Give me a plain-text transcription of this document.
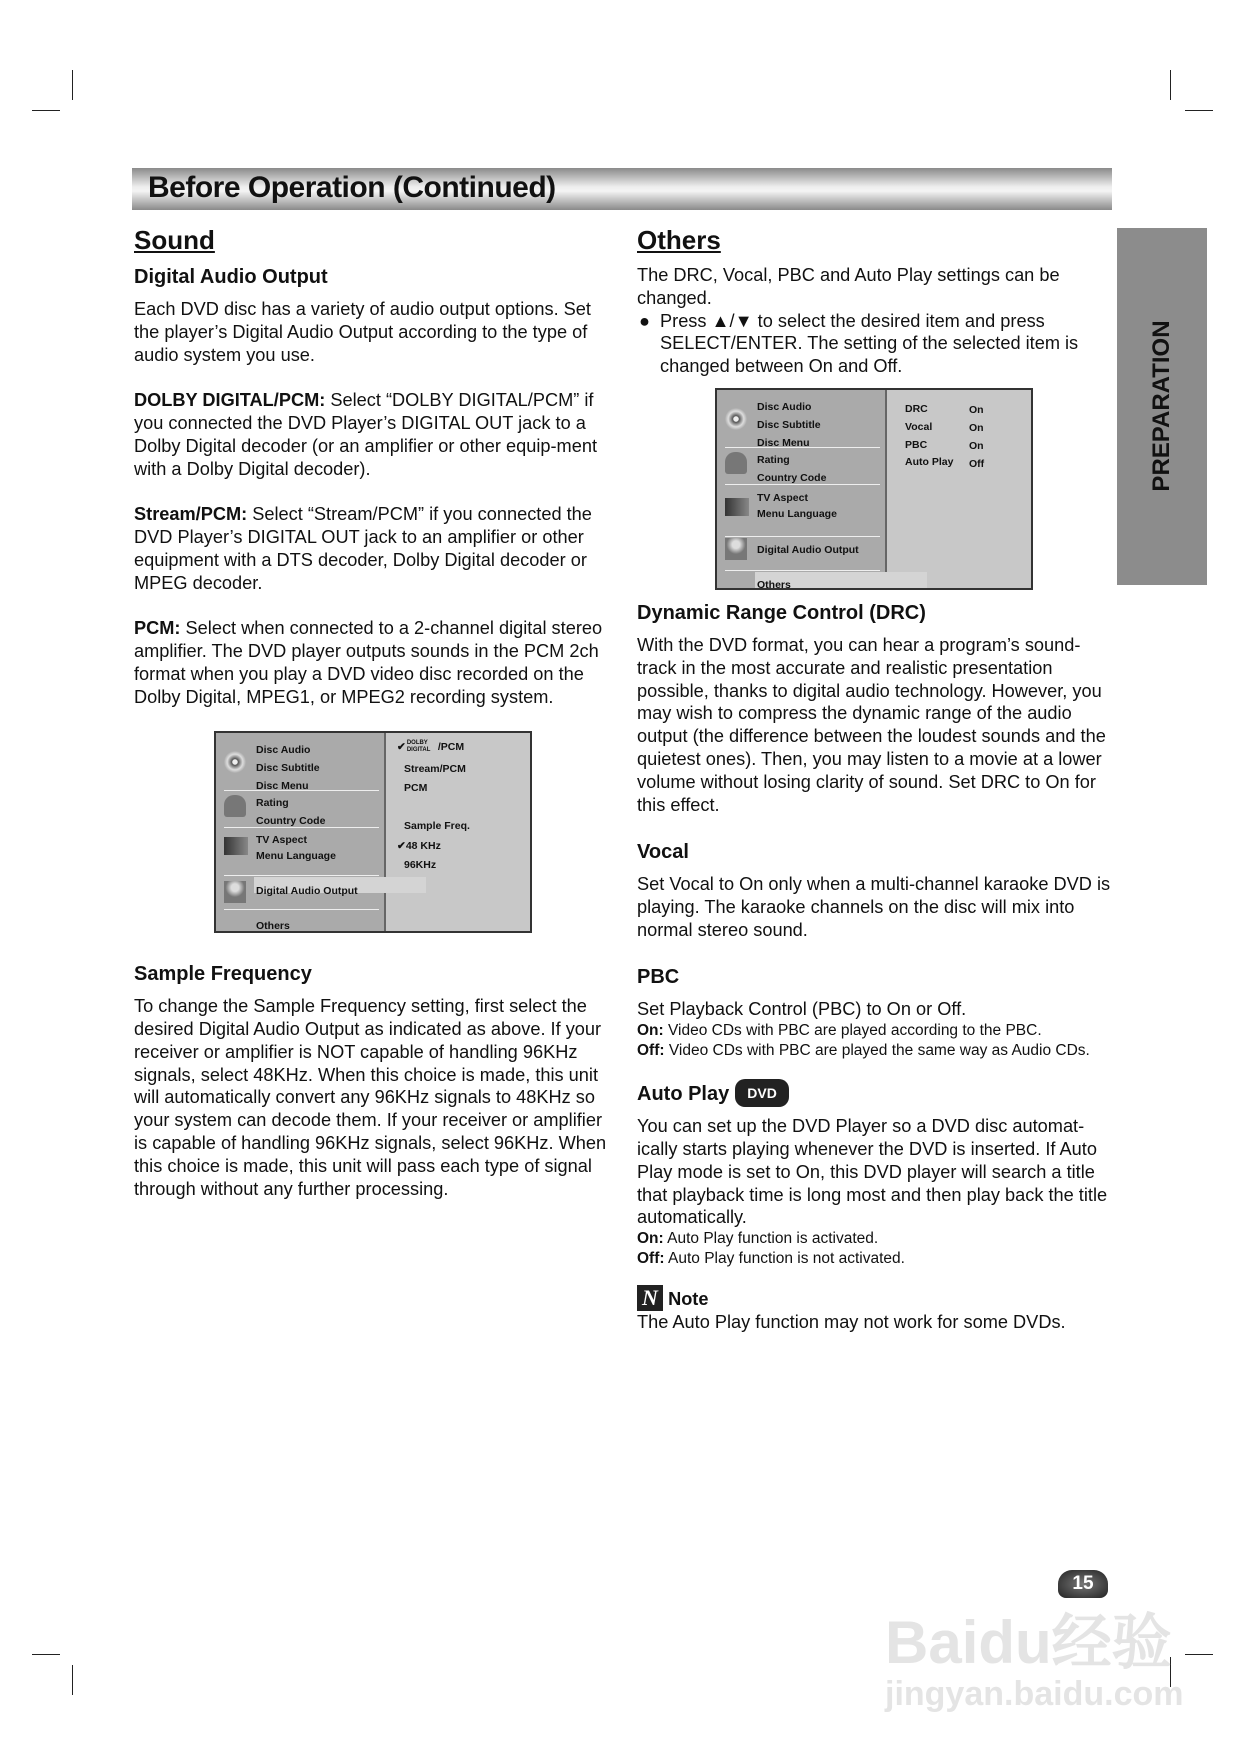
Before Operation (Continued)
PREPARATION
Sound
Digital Audio Output

Each DVD disc has a variety of audio output options. Set the player’s Digital Audio Output according to the type of audio system you use.

DOLBY DIGITAL/PCM: Select “DOLBY DIGITAL/PCM” if you connected the DVD Player’s DIGITAL OUT jack to a Dolby Digital decoder (or an amplifier or other equip-ment with a Dolby Digital decoder).

Stream/PCM: Select “Stream/PCM” if you connected the DVD Player’s DIGITAL OUT jack to an amplifier or other equipment with a DTS decoder, Dolby Digital decoder or MPEG decoder.

PCM: Select when connected to a 2-channel digital stereo amplifier. The DVD player outputs sounds in the PCM 2ch format when you play a DVD video disc recorded on the Dolby Digital, MPEG1, or MPEG2 recording system.

Disc Audio
Disc Subtitle
Disc Menu
Rating
Country Code
TV Aspect
Menu Language
Digital Audio Output
Others
✔DOLBY DIGITAL /PCM
Stream/PCM
PCM
Sample Freq.
✔48 KHz
96KHz
Sample Frequency

To change the Sample Frequency setting, first select the desired Digital Audio Output as indicated as above. If your receiver or amplifier is NOT capable of handling 96KHz signals, select 48KHz. When this choice is made, this unit will automatically convert any 96KHz signals to 48KHz so your system can decode them. If your receiver or amplifier is capable of handling 96KHz signals, select 96KHz. When this choice is made, this unit will pass each type of signal through without any further processing.

Others
The DRC, Vocal, PBC and Auto Play settings can be changed.
● Press ▲/▼ to select the desired item and press SELECT/ENTER. The setting of the selected item is changed between On and Off.
Disc Audio
Disc Subtitle
Disc Menu
Rating
Country Code
TV Aspect
Menu Language
Digital Audio Output
Others
DRC	On
Vocal	On
PBC	On
Auto Play Off
Dynamic Range Control (DRC)

With the DVD format, you can hear a program’s sound-track in the most accurate and realistic presentation possible, thanks to digital audio technology. However, you may wish to compress the dynamic range of the audio output (the difference between the loudest sounds and the quietest ones). Then, you may listen to a movie at a lower volume without losing clarity of sound. Set DRC to On for this effect.

Vocal

Set Vocal to On only when a multi-channel karaoke DVD is playing. The karaoke channels on the disc will mix into normal stereo sound.

PBC
Set Playback Control (PBC) to On or Off.
On: Video CDs with PBC are played according to the PBC.
Off: Video CDs with PBC are played the same way as Audio CDs.
Auto Play DVD
You can set up the DVD Player so a DVD disc automat-ically starts playing whenever the DVD is inserted. If Auto Play mode is set to On, this DVD player will search a title that playback time is long most and then play back the title automatically.
On: Auto Play function is activated.
Off: Auto Play function is not activated.
N Note
The Auto Play function may not work for some DVDs.
Baidu经验
jingyan.baidu.com
15
